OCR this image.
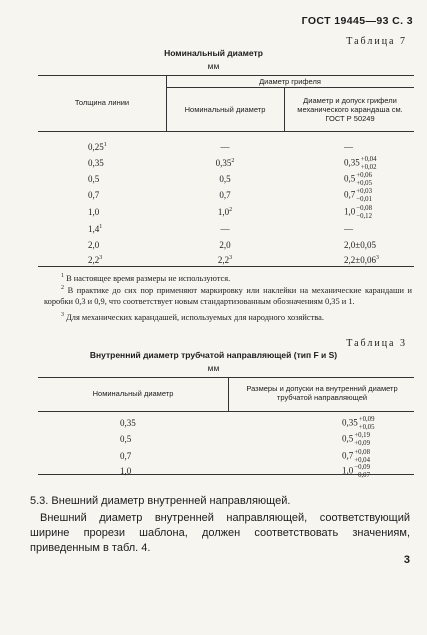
ГОСТ 19445—93 С. 3
Таблица 7
Номинальный диаметр
мм
Толщина линии
Диаметр грифеля
Номинальный диаметр
Диаметр и допуск грифели механического карандаша см. ГОСТ Р 50249
0,25$^1$	—	—
0,35	0,35$^2$	0,35 +0,04
+0,02
0,5	0,5	0,5 +0,06
+0,05
0,7	0,7	0,7 +0,03
−0,01
1,0	$1,0^2$	1,0 −0,08
−0,12
$1,4^1$	—	—
2,0	2,0	2,0±0,05
$2,2^3$	$2,2^3$	$2,2\pm 0,06^3$
$^1$ В настоящее время размеры не используются.
$^2$ В практике до сих пор применяют маркировку или наклейки на механические карандаши и коробки 0,3 и 0,9, что соответствует новым стандартизованным обозначениям 0,35 и 1.
$^3$ Для механических карандашей, используемых для народного хозяйства.
Таблица 3
Внутренний диаметр трубчатой направляющей (тип F и S)
мм
Номинальный диаметр
Размеры и допуски на внутренний диаметр трубчатой направляющей
0,35	0,35 +0,09
+0,05
0,5	0,5 +0,19
+0,09
0,7	0,7 +0,08
+0,04
1,0	1,0 −0,09
−0,07
5.3. Внешний диаметр внутренней направляющей.
Внешний диаметр внутренней направляющей, соответствующий ширине прорези шаблона, должен соответствовать значениям, приведенным в табл. 4.
3
